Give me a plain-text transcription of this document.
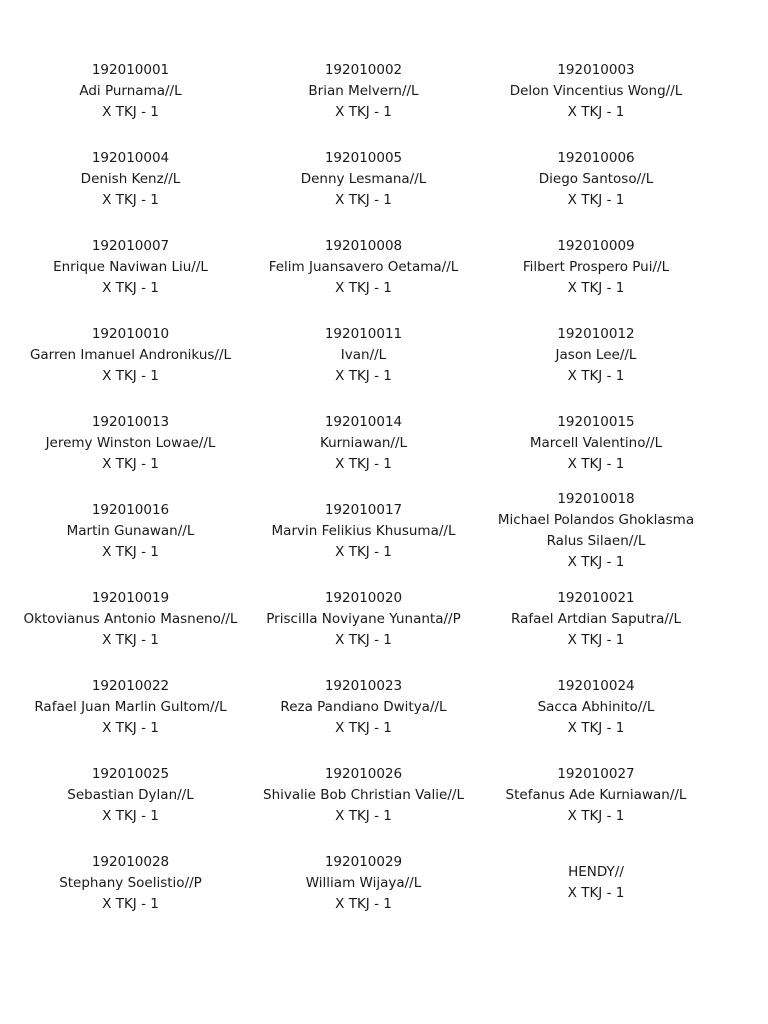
192010001
Adi Purnama//L
X TKJ - 1
192010002
Brian Melvern//L
X TKJ - 1
192010003
Delon Vincentius Wong//L
X TKJ - 1
192010004
Denish Kenz//L
X TKJ - 1
192010005
Denny Lesmana//L
X TKJ - 1
192010006
Diego Santoso//L
X TKJ - 1
192010007
Enrique Naviwan Liu//L
X TKJ - 1
192010008
Felim Juansavero Oetama//L
X TKJ - 1
192010009
Filbert Prospero Pui//L
X TKJ - 1
192010010
Garren Imanuel Andronikus//L
X TKJ - 1
192010011
Ivan//L
X TKJ - 1
192010012
Jason Lee//L
X TKJ - 1
192010013
Jeremy Winston Lowae//L
X TKJ - 1
192010014
Kurniawan//L
X TKJ - 1
192010015
Marcell Valentino//L
X TKJ - 1
192010016
Martin Gunawan//L
X TKJ - 1
192010017
Marvin Felikius Khusuma//L
X TKJ - 1
192010018
Michael Polandos Ghoklasma Ralus Silaen//L
X TKJ - 1
192010019
Oktovianus Antonio Masneno//L
X TKJ - 1
192010020
Priscilla Noviyane Yunanta//P
X TKJ - 1
192010021
Rafael Artdian Saputra//L
X TKJ - 1
192010022
Rafael Juan Marlin Gultom//L
X TKJ - 1
192010023
Reza Pandiano Dwitya//L
X TKJ - 1
192010024
Sacca Abhinito//L
X TKJ - 1
192010025
Sebastian Dylan//L
X TKJ - 1
192010026
Shivalie Bob Christian Valie//L
X TKJ - 1
192010027
Stefanus Ade Kurniawan//L
X TKJ - 1
192010028
Stephany Soelistio//P
X TKJ - 1
192010029
William Wijaya//L
X TKJ - 1
HENDY//
X TKJ - 1
